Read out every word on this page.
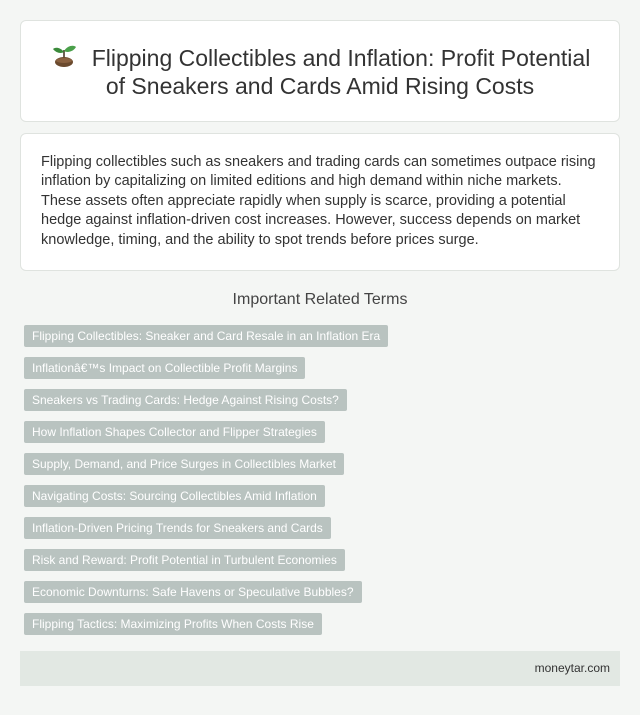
Flipping Collectibles and Inflation: Profit Potential of Sneakers and Cards Amid Rising Costs

Flipping collectibles such as sneakers and trading cards can sometimes outpace rising inflation by capitalizing on limited editions and high demand within niche markets. These assets often appreciate rapidly when supply is scarce, providing a potential hedge against inflation-driven cost increases. However, success depends on market knowledge, timing, and the ability to spot trends before prices surge.

Important Related Terms
Flipping Collectibles: Sneaker and Card Resale in an Inflation Era
Inflationâ€™s Impact on Collectible Profit Margins
Sneakers vs Trading Cards: Hedge Against Rising Costs?
How Inflation Shapes Collector and Flipper Strategies
Supply, Demand, and Price Surges in Collectibles Market
Navigating Costs: Sourcing Collectibles Amid Inflation
Inflation-Driven Pricing Trends for Sneakers and Cards
Risk and Reward: Profit Potential in Turbulent Economies
Economic Downturns: Safe Havens or Speculative Bubbles?
Flipping Tactics: Maximizing Profits When Costs Rise
moneytar.com
